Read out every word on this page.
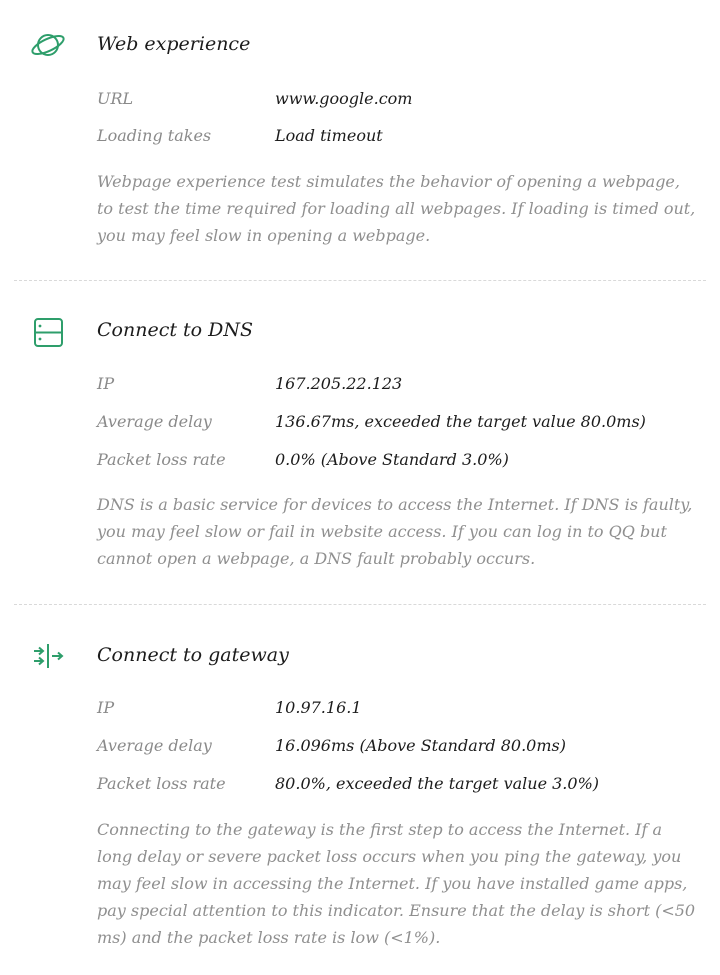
Web experience
URL	www.google.com
Loading takes	Load timeout
Webpage experience test simulates the behavior of opening a webpage, to test the time required for loading all webpages. If loading is timed out, you may feel slow in opening a webpage.
Connect to DNS
IP	167.205.22.123
Average delay	136.67ms, exceeded the target value 80.0ms)
Packet loss rate	0.0% (Above Standard 3.0%)
DNS is a basic service for devices to access the Internet. If DNS is faulty, you may feel slow or fail in website access. If you can log in to QQ but cannot open a webpage, a DNS fault probably occurs.
Connect to gateway
IP	10.97.16.1
Average delay	16.096ms (Above Standard 80.0ms)
Packet loss rate	80.0%, exceeded the target value 3.0%)
Connecting to the gateway is the first step to access the Internet. If a long delay or severe packet loss occurs when you ping the gateway, you may feel slow in accessing the Internet. If you have installed game apps, pay special attention to this indicator. Ensure that the delay is short (<50 ms) and the packet loss rate is low (<1%).
